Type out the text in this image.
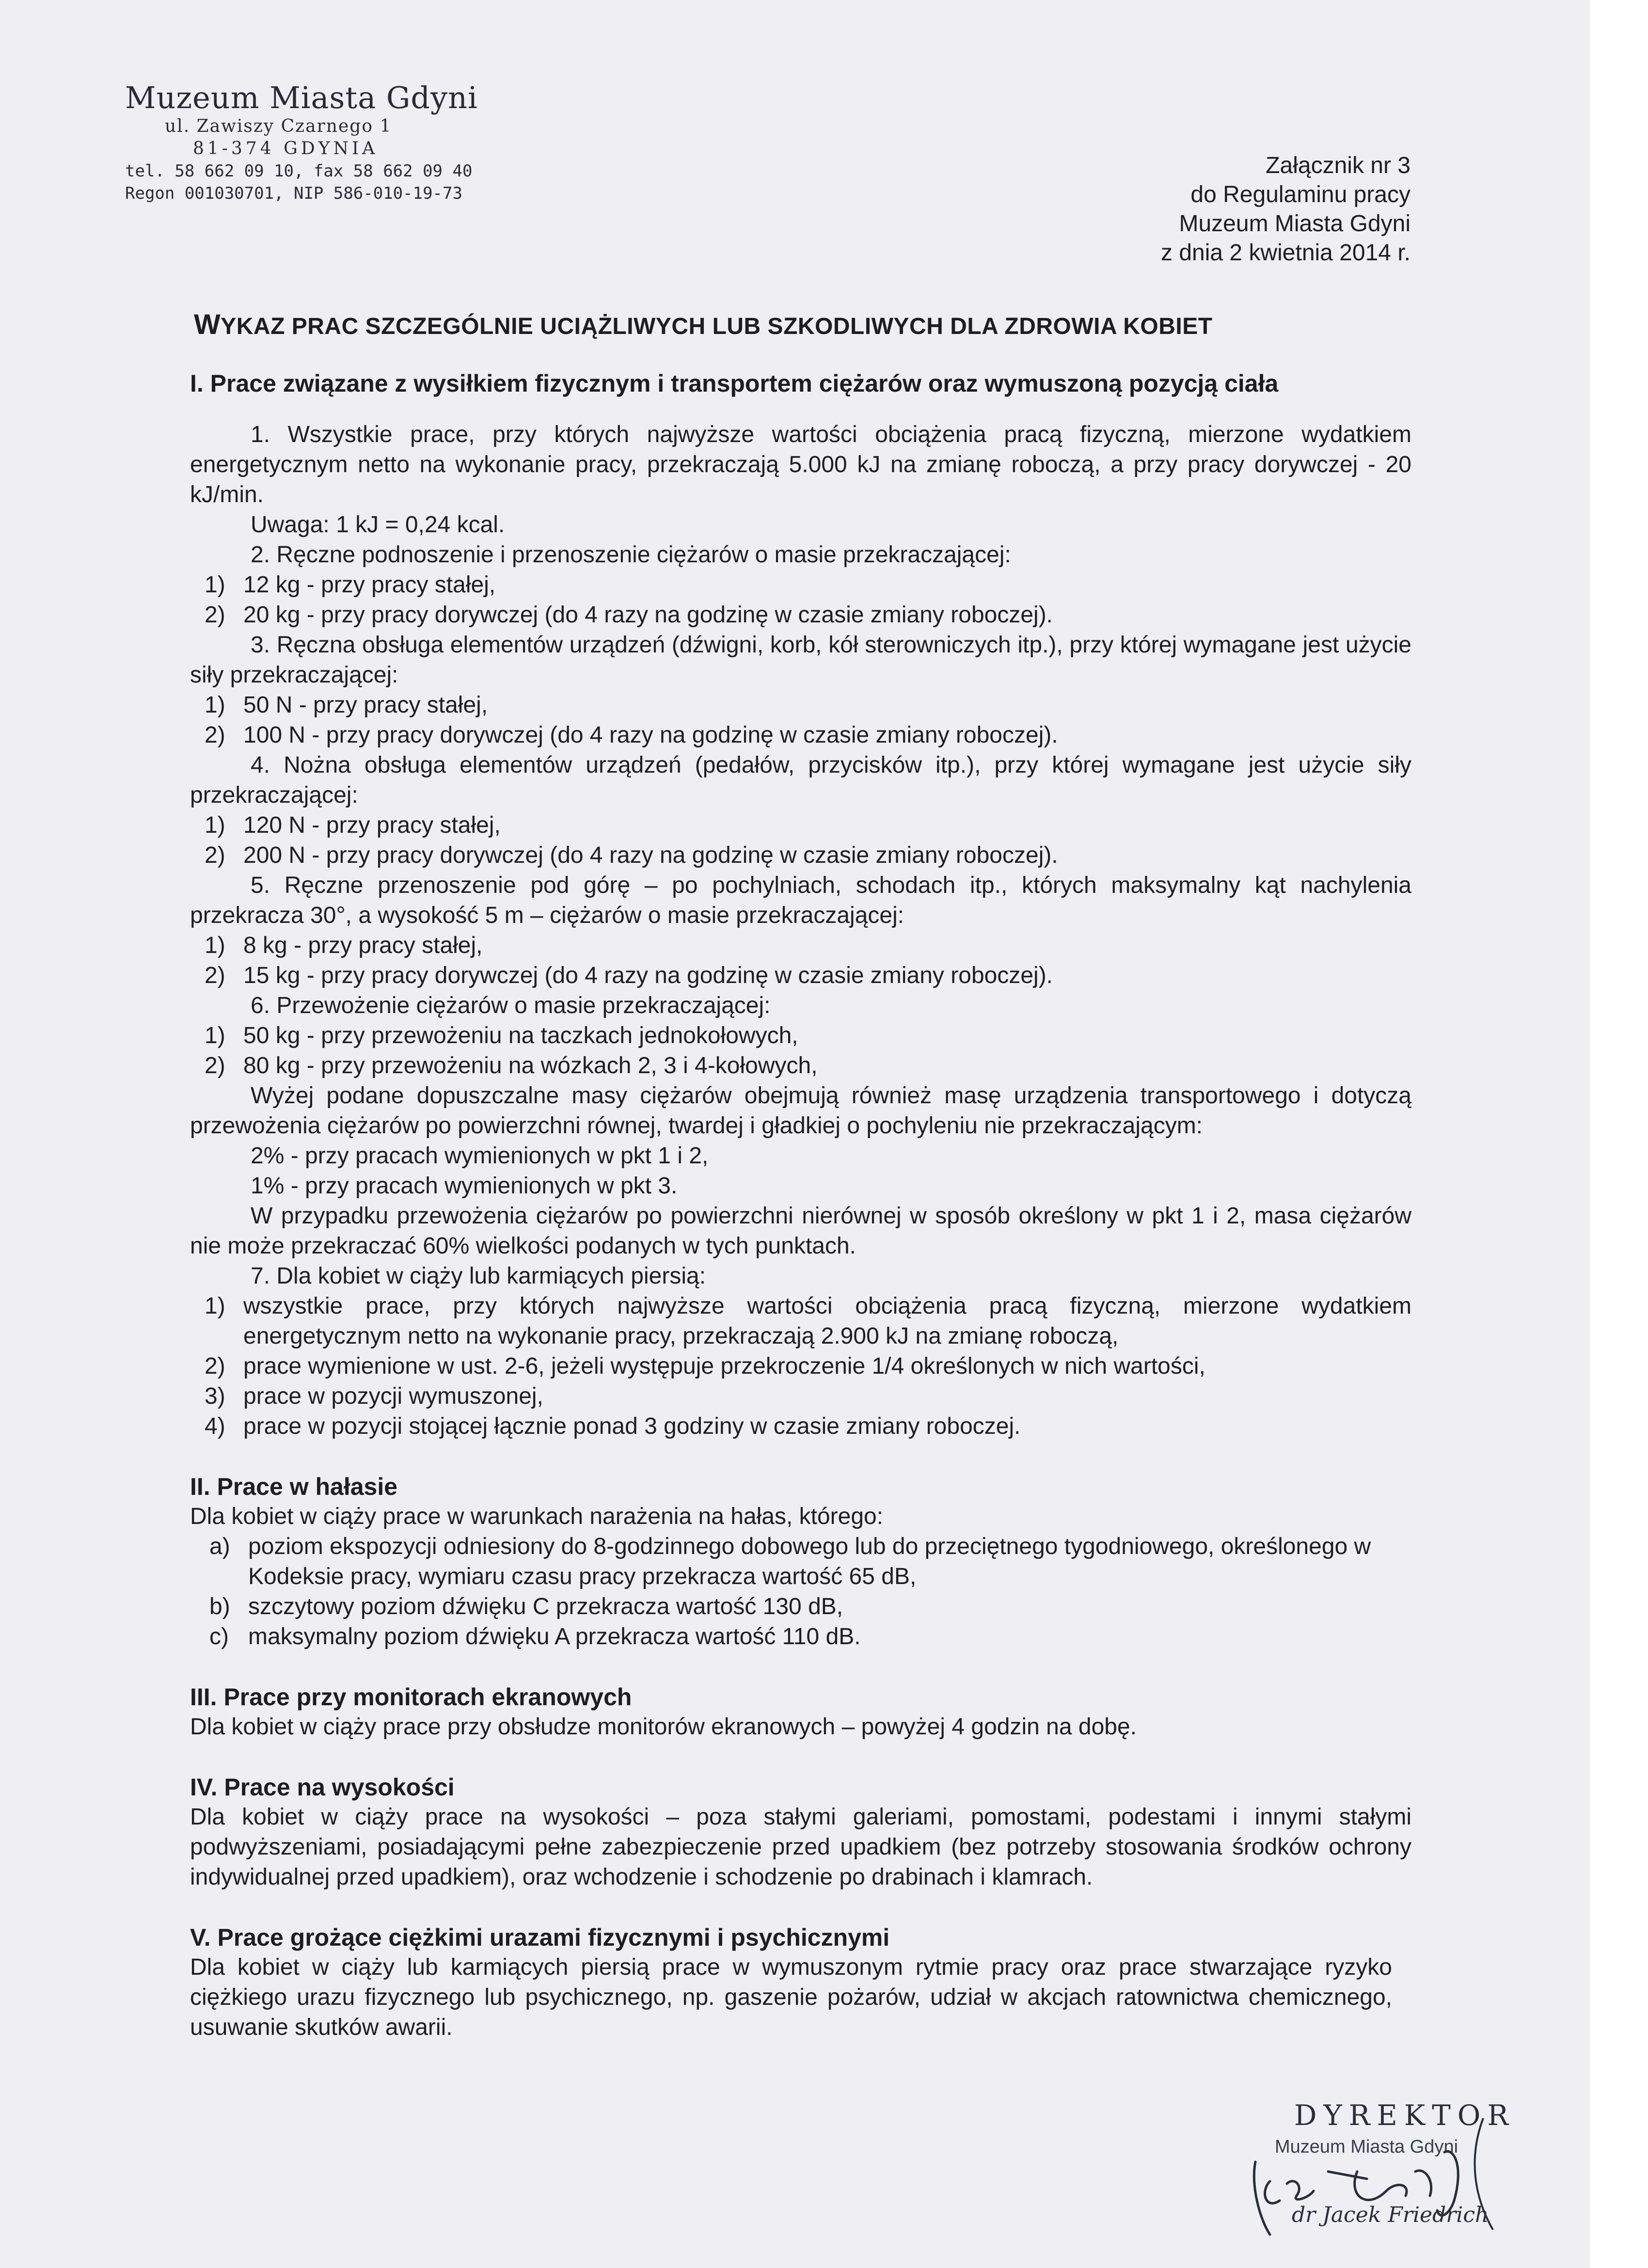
Muzeum Miasta Gdyni
ul. Zawiszy Czarnego 1
81-374 GDYNIA
tel. 58 662 09 10, fax 58 662 09 40
Regon 001030701, NIP 586-010-19-73
Załącznik nr 3
do Regulaminu pracy
Muzeum Miasta Gdyni
z dnia 2 kwietnia 2014 r.
WYKAZ PRAC SZCZEGÓLNIE UCIĄŻLIWYCH LUB SZKODLIWYCH DLA ZDROWIA KOBIET

I. Prace związane z wysiłkiem fizycznym i transportem ciężarów oraz wymuszoną pozycją ciała

1. Wszystkie prace, przy których najwyższe wartości obciążenia pracą fizyczną, mierzone wydatkiem energetycznym netto na wykonanie pracy, przekraczają 5.000 kJ na zmianę roboczą, a przy pracy dorywczej - 20 kJ/min.

Uwaga: 1 kJ = 0,24 kcal.

2. Ręczne podnoszenie i przenoszenie ciężarów o masie przekraczającej:

1) 12 kg - przy pracy stałej,
2) 20 kg - przy pracy dorywczej (do 4 razy na godzinę w czasie zmiany roboczej).

3. Ręczna obsługa elementów urządzeń (dźwigni, korb, kół sterowniczych itp.), przy której wymagane jest użycie siły przekraczającej:

1) 50 N - przy pracy stałej,
2) 100 N - przy pracy dorywczej (do 4 razy na godzinę w czasie zmiany roboczej).

4. Nożna obsługa elementów urządzeń (pedałów, przycisków itp.), przy której wymagane jest użycie siły przekraczającej:

1) 120 N - przy pracy stałej,
2) 200 N - przy pracy dorywczej (do 4 razy na godzinę w czasie zmiany roboczej).

5. Ręczne przenoszenie pod górę – po pochylniach, schodach itp., których maksymalny kąt nachylenia przekracza 30°, a wysokość 5 m – ciężarów o masie przekraczającej:

1) 8 kg - przy pracy stałej,
2) 15 kg - przy pracy dorywczej (do 4 razy na godzinę w czasie zmiany roboczej).

6. Przewożenie ciężarów o masie przekraczającej:

1) 50 kg - przy przewożeniu na taczkach jednokołowych,
2) 80 kg - przy przewożeniu na wózkach 2, 3 i 4-kołowych,

Wyżej podane dopuszczalne masy ciężarów obejmują również masę urządzenia transportowego i dotyczą przewożenia ciężarów po powierzchni równej, twardej i gładkiej o pochyleniu nie przekraczającym:

2% - przy pracach wymienionych w pkt 1 i 2,

1% - przy pracach wymienionych w pkt 3.

W przypadku przewożenia ciężarów po powierzchni nierównej w sposób określony w pkt 1 i 2, masa ciężarów nie może przekraczać 60% wielkości podanych w tych punktach.

7. Dla kobiet w ciąży lub karmiących piersią:

1) wszystkie prace, przy których najwyższe wartości obciążenia pracą fizyczną, mierzone wydatkiem energetycznym netto na wykonanie pracy, przekraczają 2.900 kJ na zmianę roboczą,
2) prace wymienione w ust. 2-6, jeżeli występuje przekroczenie 1/4 określonych w nich wartości,
3) prace w pozycji wymuszonej,
4) prace w pozycji stojącej łącznie ponad 3 godziny w czasie zmiany roboczej.

II. Prace w hałasie

Dla kobiet w ciąży prace w warunkach narażenia na hałas, którego:

a) poziom ekspozycji odniesiony do 8-godzinnego dobowego lub do przeciętnego tygodniowego, określonego w Kodeksie pracy, wymiaru czasu pracy przekracza wartość 65 dB,
b) szczytowy poziom dźwięku C przekracza wartość 130 dB,
c) maksymalny poziom dźwięku A przekracza wartość 110 dB.

III. Prace przy monitorach ekranowych

Dla kobiet w ciąży prace przy obsłudze monitorów ekranowych – powyżej 4 godzin na dobę.

IV. Prace na wysokości

Dla kobiet w ciąży prace na wysokości – poza stałymi galeriami, pomostami, podestami i innymi stałymi podwyższeniami, posiadającymi pełne zabezpieczenie przed upadkiem (bez potrzeby stosowania środków ochrony indywidualnej przed upadkiem), oraz wchodzenie i schodzenie po drabinach i klamrach.

V. Prace grożące ciężkimi urazami fizycznymi i psychicznymi

Dla kobiet w ciąży lub karmiących piersią prace w wymuszonym rytmie pracy oraz prace stwarzające ryzyko ciężkiego urazu fizycznego lub psychicznego, np. gaszenie pożarów, udział w akcjach ratownictwa chemicznego, usuwanie skutków awarii.

DYREKTOR
Muzeum Miasta Gdyni
dr Jacek Friedrich
